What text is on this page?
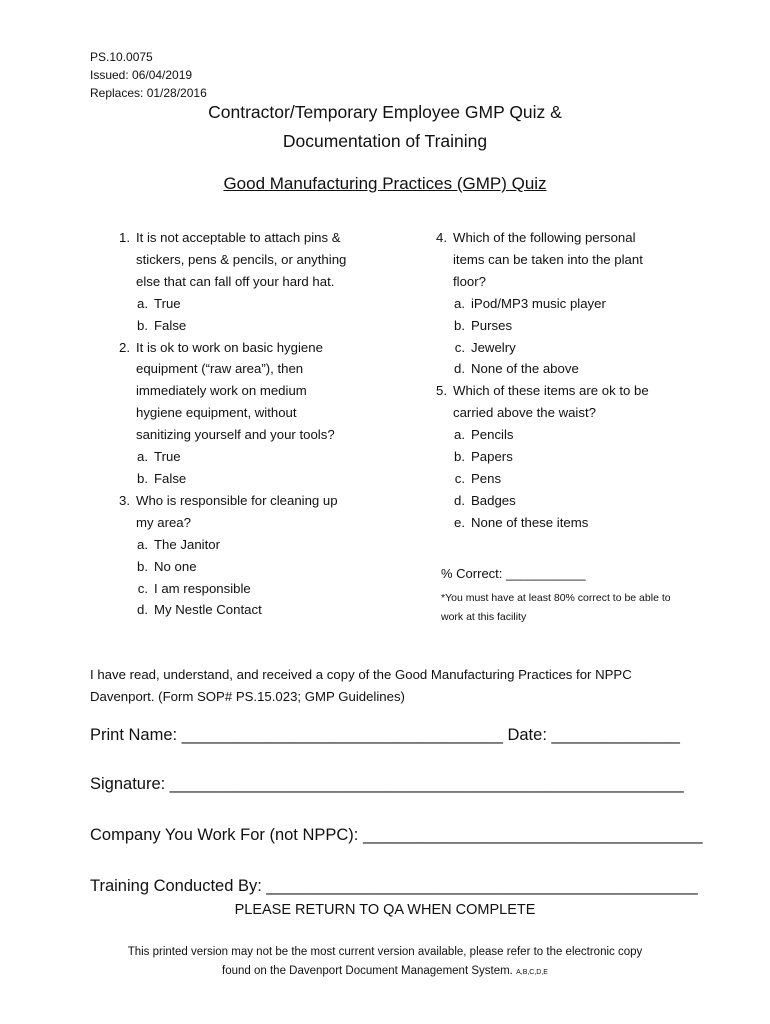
PS.10.0075
Issued: 06/04/2019
Replaces: 01/28/2016
Contractor/Temporary Employee GMP Quiz &
Documentation of Training
Good Manufacturing Practices (GMP) Quiz
1. It is not acceptable to attach pins &
stickers, pens & pencils, or anything
else that can fall off your hard hat.
a. True
b. False
2. It is ok to work on basic hygiene
equipment (“raw area”), then
immediately work on medium
hygiene equipment, without
sanitizing yourself and your tools?
a. True
b. False
3. Who is responsible for cleaning up
my area?
a. The Janitor
b. No one
c. I am responsible
d. My Nestle Contact
4. Which of the following personal
items can be taken into the plant
floor?
a. iPod/MP3 music player
b. Purses
c. Jewelry
d. None of the above
5. Which of these items are ok to be
carried above the waist?
a. Pencils
b. Papers
c. Pens
d. Badges
e. None of these items
% Correct: ___________
*You must have at least 80% correct to be able to work at this facility
I have read, understand, and received a copy of the Good Manufacturing Practices for NPPC Davenport. (Form SOP# PS.15.023; GMP Guidelines)
Print Name: ___________________________________ Date: ______________
Signature: ________________________________________________________
Company You Work For (not NPPC): _____________________________________
Training Conducted By: _______________________________________________
PLEASE RETURN TO QA WHEN COMPLETE
This printed version may not be the most current version available, please refer to the electronic copy
found on the Davenport Document Management System. A,B,C,D,E
